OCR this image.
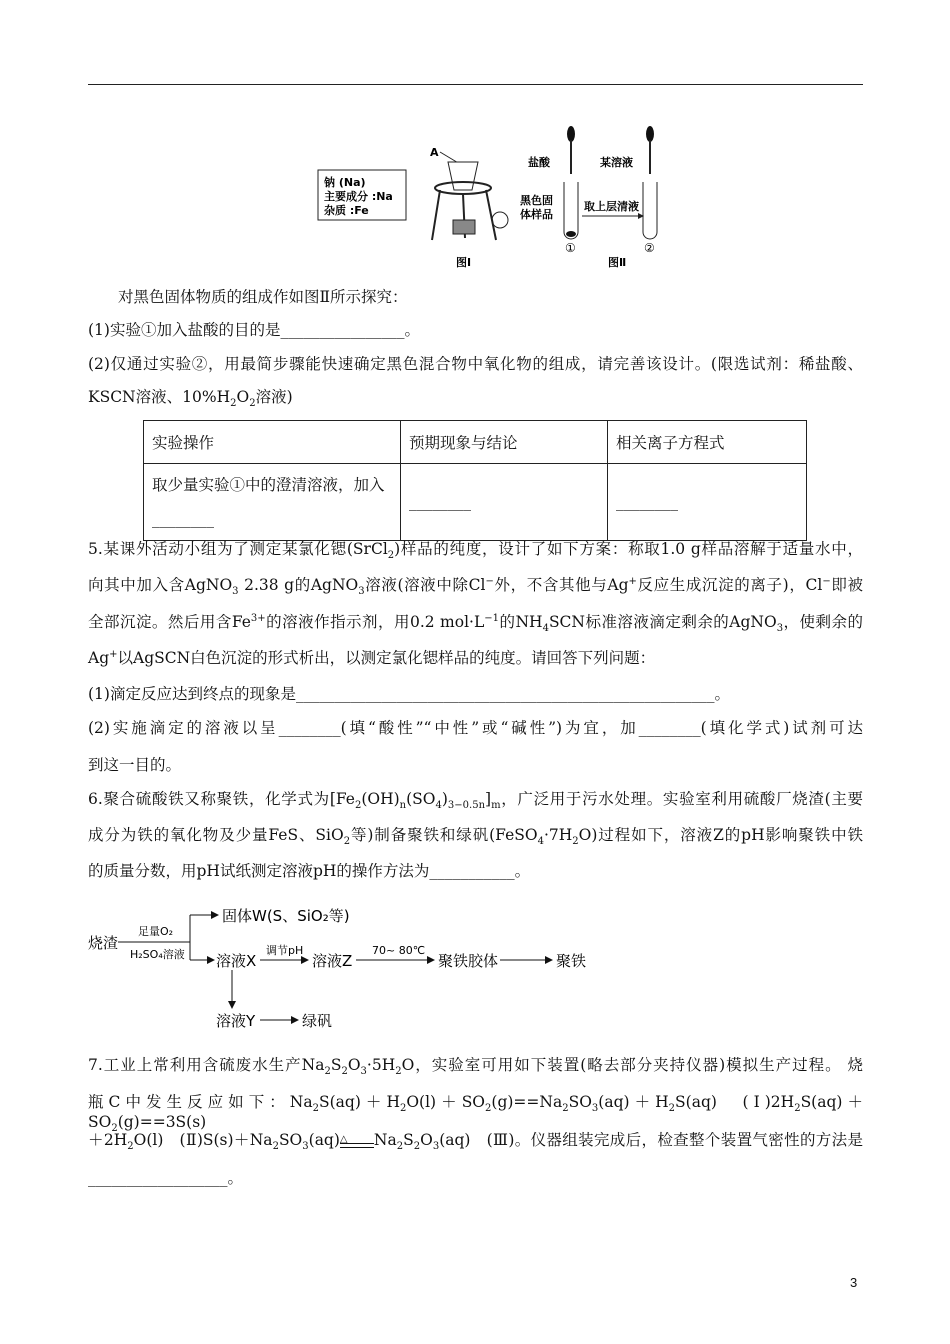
钠 (Na)
主要成分 :Na
杂质 :Fe
A
图Ⅰ
盐酸	某溶液
黑色固
体样品
取上层清液
①	②
图Ⅱ
对黑色固体物质的组成作如图Ⅱ所示探究：
(1)实验①加入盐酸的目的是________________。
(2)仅通过实验②，用最简步骤能快速确定黑色混合物中氧化物的组成，请完善该设计。(限选试剂：稀盐酸、
KSCN溶液、$10\%H_2O_2$溶液)
实验操作	预期现象与结论	相关离子方程式
取少量实验①中的澄清溶液，加入________	________	________
5.某课外活动小组为了测定某氯化锶(SrCl$_2$)样品的纯度，设计了如下方案：称取1.0 g样品溶解于适量水中，
向其中加入含AgNO$_3$ 2.38 g的AgNO$_3$溶液(溶液中除Cl−外，不含其他与Ag+反应生成沉淀的离子)，Cl−即被
全部沉淀。然后用含$Fe^{3+}$的溶液作指示剂，用0.2 $mol\cdot L^{-1}$的$NH_4SCN$标准溶液滴定剩余的AgNO$_3$，使剩余的
Ag+以AgSCN白色沉淀的形式析出，以测定氯化锶样品的纯度。请回答下列问题：
(1)滴定反应达到终点的现象是______________________________________________________。
(2)实施滴定的溶液以呈________(填“酸性”“中性”或“碱性”)为宜，加________(填化学式)试剂可达
到这一目的。
6.聚合硫酸铁又称聚铁，化学式为$[Fe_2(OH)_n(SO_4)_{3-0.5n}]_m$，广泛用于污水处理。实验室利用硫酸厂烧渣(主要
成分为铁的氧化物及少量FeS、SiO$_2$等)制备聚铁和绿矾$(FeSO_4\cdot 7H_2O)$过程如下，溶液Z的pH影响聚铁中铁
的质量分数，用pH试纸测定溶液pH的操作方法为___________。
烧渣
足量O₂
H₂SO₄溶液
固体W(S、SiO₂等)
溶液X
调节pH
溶液Z
70~ 80℃
聚铁胶体	聚铁
溶液Y	绿矾
7.工业上常利用含硫废水生产$Na_2S_2O_3\cdot 5H_2O$，实验室可用如下装置(略去部分夹持仪器)模拟生产过程。 烧
瓶C中发生反应如下：$Na_2S(aq)+H_2O(l)+SO_2(g)==Na_2SO_3(aq)+H_2S(aq)$　$(Ⅰ)2H_2S(aq)+SO_2(g)==3S(s)$
$+2H_2O(l)$　$(Ⅱ)S(s)+Na_2SO_3(aq)\triangle$ $Na_2S_2O_3(aq)$　(Ⅲ)。仪器组装完成后，检查整个装置气密性的方法是
__________________。
3
